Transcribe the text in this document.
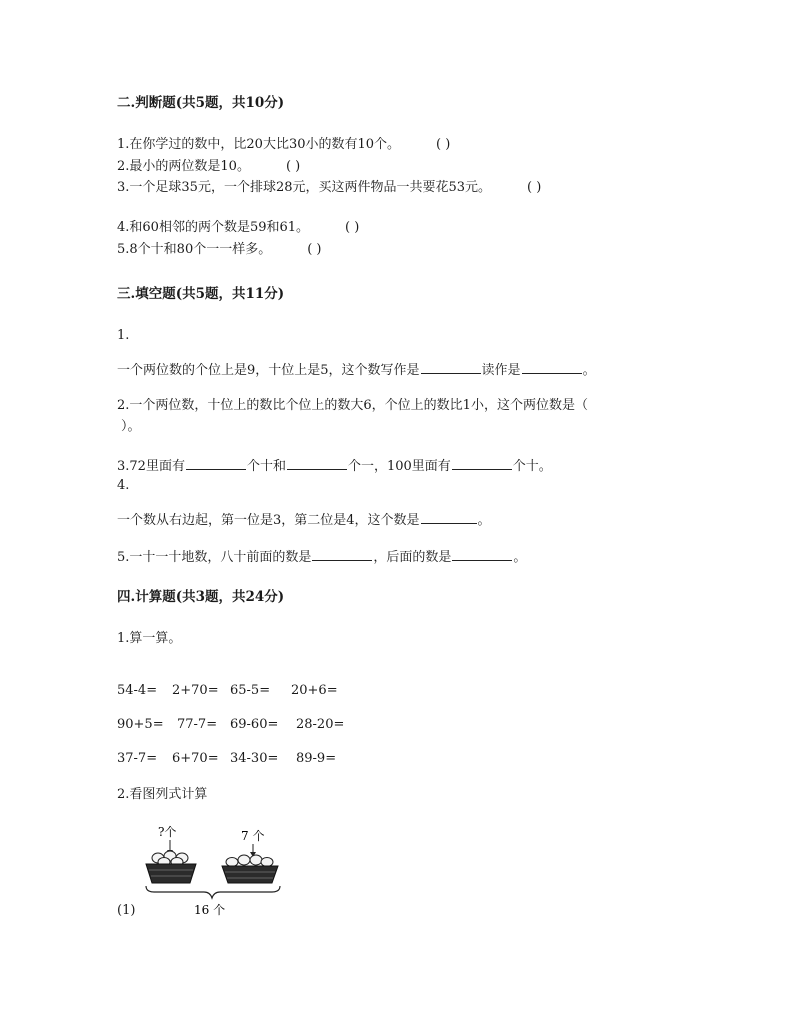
二.判断题(共5题，共10分)
1.在你学过的数中，比20大比30小的数有10个。	( )
2.最小的两位数是10。	( )
3.一个足球35元，一个排球28元，买这两件物品一共要花53元。	( )
4.和60相邻的两个数是59和61。	( )
5.8个十和80个一一样多。	( )
三.填空题(共5题，共11分)
1.
一个两位数的个位上是9，十位上是5，这个数写作是	读作是	。
2.一个两位数，十位上的数比个位上的数大6，个位上的数比1小，这个两位数是（
）。
3.72里面有	个十和	个一，100里面有	个十。
4.
一个数从右边起，第一位是3，第二位是4，这个数是	。
5.一十一十地数，八十前面的数是	，后面的数是	。
四.计算题(共3题，共24分)
1.算一算。
54-4= 2+70= 65-5= 20+6=
90+5= 77-7= 69-60= 28-20=
37-7= 6+70= 34-30= 89-9=
2.看图列式计算
?个	7 个
16 个
(1)
